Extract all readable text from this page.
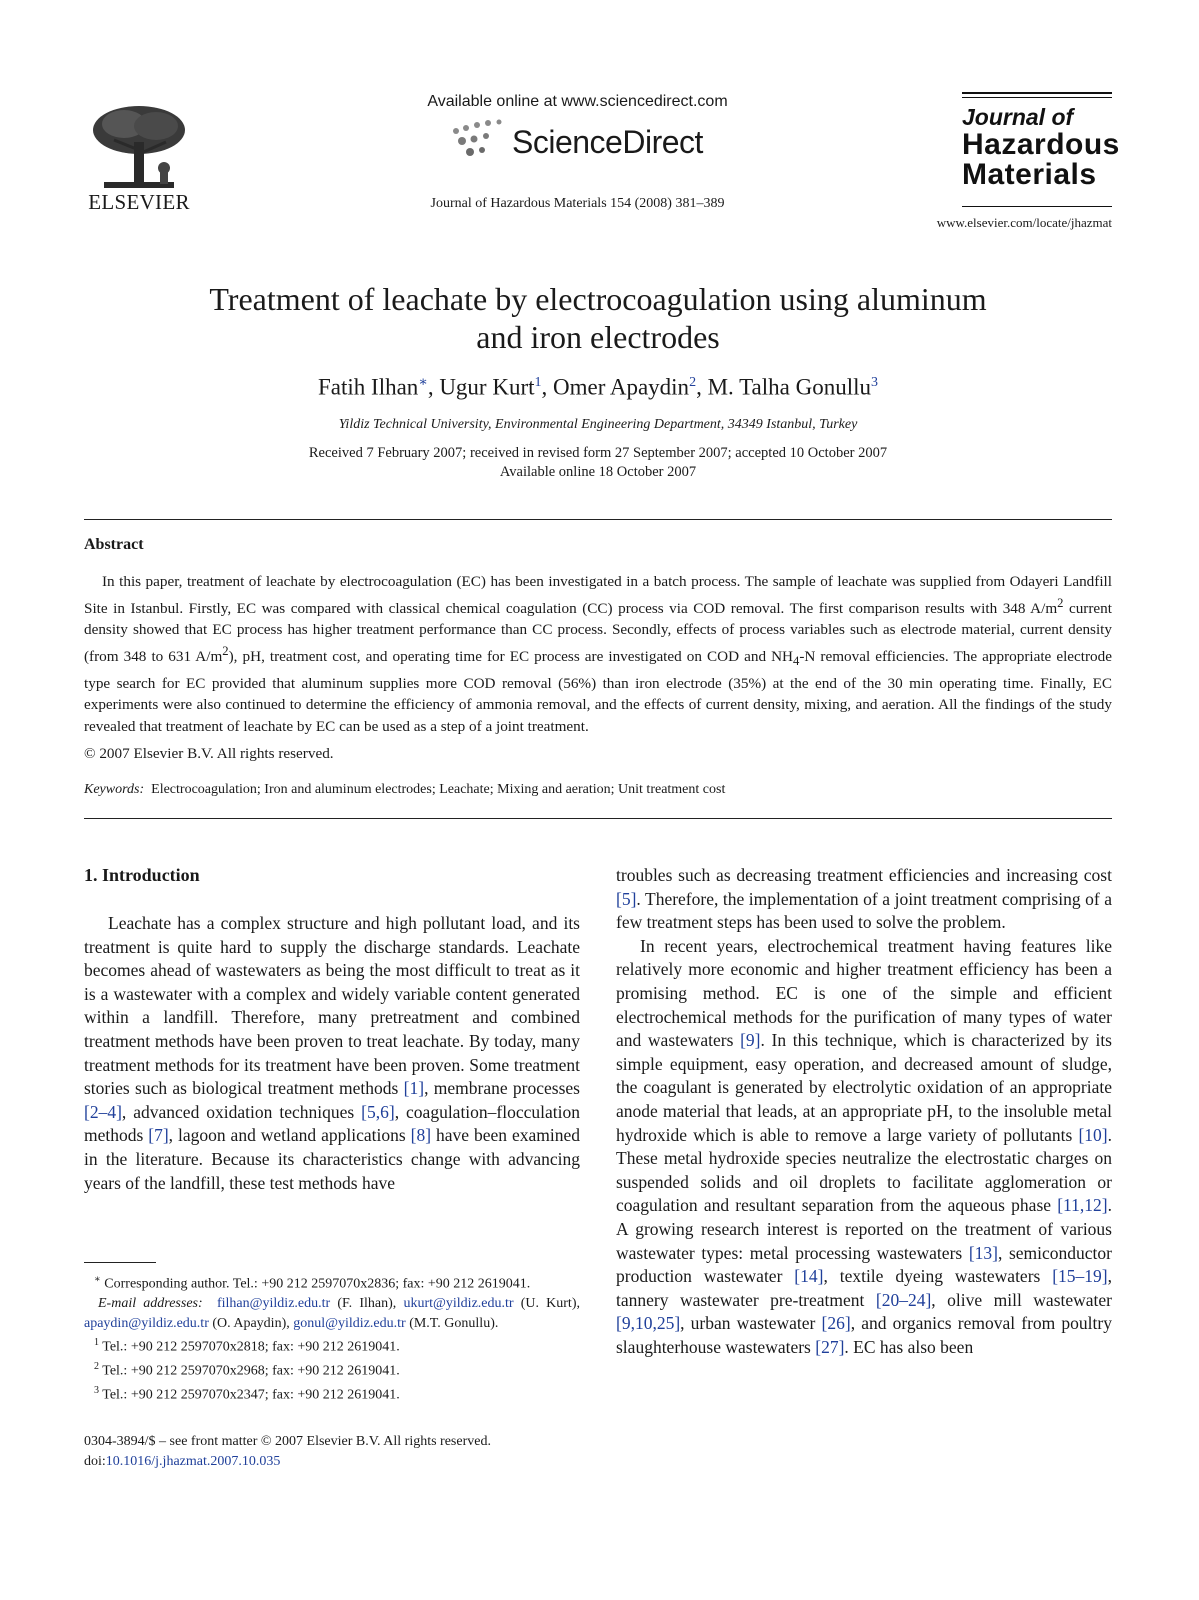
ELSEVIER
Available online at www.sciencedirect.com
ScienceDirect
Journal of Hazardous Materials 154 (2008) 381–389
Journal of
Hazardous
Materials
www.elsevier.com/locate/jhazmat
Treatment of leachate by electrocoagulation using aluminum
and iron electrodes
Fatih Ilhan∗, Ugur Kurt$^1$, Omer Apaydin$^2$, M. Talha Gonullu$^3$
Yildiz Technical University, Environmental Engineering Department, 34349 Istanbul, Turkey
Received 7 February 2007; received in revised form 27 September 2007; accepted 10 October 2007
Available online 18 October 2007
Abstract
In this paper, treatment of leachate by electrocoagulation (EC) has been investigated in a batch process. The sample of leachate was supplied from Odayeri Landfill Site in Istanbul. Firstly, EC was compared with classical chemical coagulation (CC) process via COD removal. The first comparison results with 348 $A/m^2$ current density showed that EC process has higher treatment performance than CC process. Secondly, effects of process variables such as electrode material, current density (from 348 to 631 $A/m^2$), pH, treatment cost, and operating time for EC process are investigated on COD and $NH_4-N$ removal efficiencies. The appropriate electrode type search for EC provided that aluminum supplies more COD removal (56%) than iron electrode (35%) at the end of the 30 min operating time. Finally, EC experiments were also continued to determine the efficiency of ammonia removal, and the effects of current density, mixing, and aeration. All the findings of the study revealed that treatment of leachate by EC can be used as a step of a joint treatment.
© 2007 Elsevier B.V. All rights reserved.
Keywords: Electrocoagulation; Iron and aluminum electrodes; Leachate; Mixing and aeration; Unit treatment cost
1. Introduction
Leachate has a complex structure and high pollutant load, and its treatment is quite hard to supply the discharge standards. Leachate becomes ahead of wastewaters as being the most difficult to treat as it is a wastewater with a complex and widely variable content generated within a landfill. Therefore, many pretreatment and combined treatment methods have been proven to treat leachate. By today, many treatment methods for its treatment have been proven. Some treatment stories such as biological treatment methods [1], membrane processes [2–4], advanced oxidation techniques [5,6], coagulation–flocculation methods [7], lagoon and wetland applications [8] have been examined in the literature. Because its characteristics change with advancing years of the landfill, these test methods have
troubles such as decreasing treatment efficiencies and increasing cost [5]. Therefore, the implementation of a joint treatment comprising of a few treatment steps has been used to solve the problem.
In recent years, electrochemical treatment having features like relatively more economic and higher treatment efficiency has been a promising method. EC is one of the simple and efficient electrochemical methods for the purification of many types of water and wastewaters [9]. In this technique, which is characterized by its simple equipment, easy operation, and decreased amount of sludge, the coagulant is generated by electrolytic oxidation of an appropriate anode material that leads, at an appropriate pH, to the insoluble metal hydroxide which is able to remove a large variety of pollutants [10]. These metal hydroxide species neutralize the electrostatic charges on suspended solids and oil droplets to facilitate agglomeration or coagulation and resultant separation from the aqueous phase [11,12]. A growing research interest is reported on the treatment of various wastewater types: metal processing wastewaters [13], semiconductor production wastewater [14], textile dyeing wastewaters [15–19], tannery wastewater pre-treatment [20–24], olive mill wastewater [9,10,25], urban wastewater [26], and organics removal from poultry slaughterhouse wastewaters [27]. EC has also been
∗ Corresponding author. Tel.: +90 212 2597070x2836; fax: +90 212 2619041.
E-mail addresses: filhan@yildiz.edu.tr (F. Ilhan), ukurt@yildiz.edu.tr (U. Kurt), apaydin@yildiz.edu.tr (O. Apaydin), gonul@yildiz.edu.tr (M.T. Gonullu).
$^1$ Tel.: +90 212 2597070x2818; fax: +90 212 2619041.
$^2$ Tel.: +90 212 2597070x2968; fax: +90 212 2619041.
$^3$ Tel.: +90 212 2597070x2347; fax: +90 212 2619041.
0304-3894/$ – see front matter © 2007 Elsevier B.V. All rights reserved.
doi:10.1016/j.jhazmat.2007.10.035
